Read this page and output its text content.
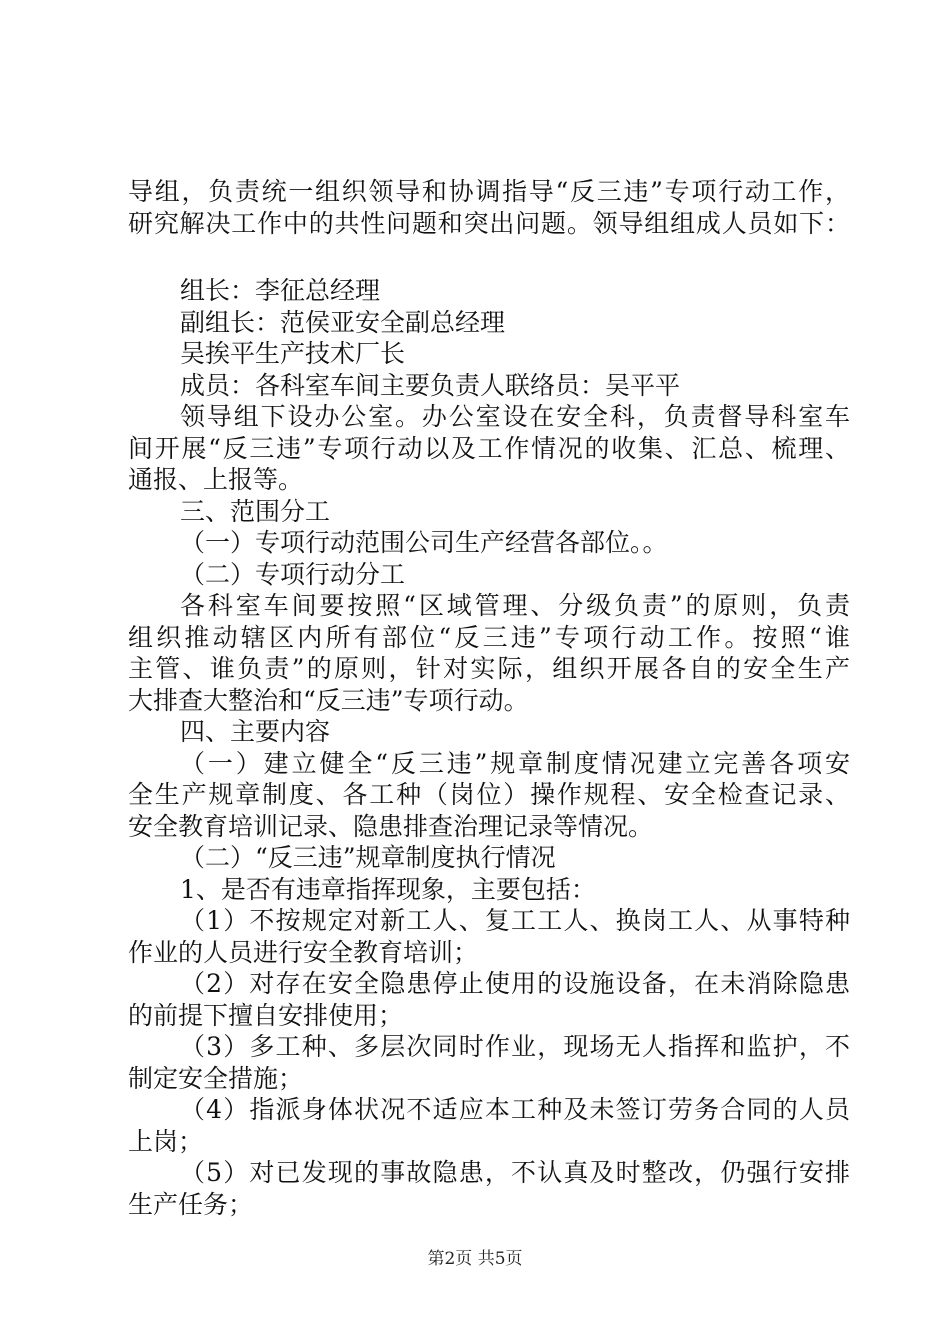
导组，负责统一组织领导和协调指导“反三违”专项行动工作，
研究解决工作中的共性问题和突出问题。领导组组成人员如下：
组长：李征总经理
副组长：范侯亚安全副总经理
吴挨平生产技术厂长
成员：各科室车间主要负责人联络员：吴平平
领导组下设办公室。办公室设在安全科，负责督导科室车
间开展“反三违”专项行动以及工作情况的收集、汇总、梳理、
通报、上报等。
三、范围分工
（一）专项行动范围公司生产经营各部位。。
（二）专项行动分工
各科室车间要按照“区域管理、分级负责”的原则，负责
组织推动辖区内所有部位“反三违”专项行动工作。按照“谁
主管、谁负责”的原则，针对实际，组织开展各自的安全生产
大排查大整治和“反三违”专项行动。
四、主要内容
（一）建立健全“反三违”规章制度情况建立完善各项安
全生产规章制度、各工种（岗位）操作规程、安全检查记录、
安全教育培训记录、隐患排查治理记录等情况。
（二）“反三违”规章制度执行情况
1、是否有违章指挥现象，主要包括：
（1）不按规定对新工人、复工工人、换岗工人、从事特种
作业的人员进行安全教育培训；
（2）对存在安全隐患停止使用的设施设备，在未消除隐患
的前提下擅自安排使用；
（3）多工种、多层次同时作业，现场无人指挥和监护，不
制定安全措施；
（4）指派身体状况不适应本工种及未签订劳务合同的人员
上岗；
（5）对已发现的事故隐患，不认真及时整改，仍强行安排
生产任务；
第2页 共5页
